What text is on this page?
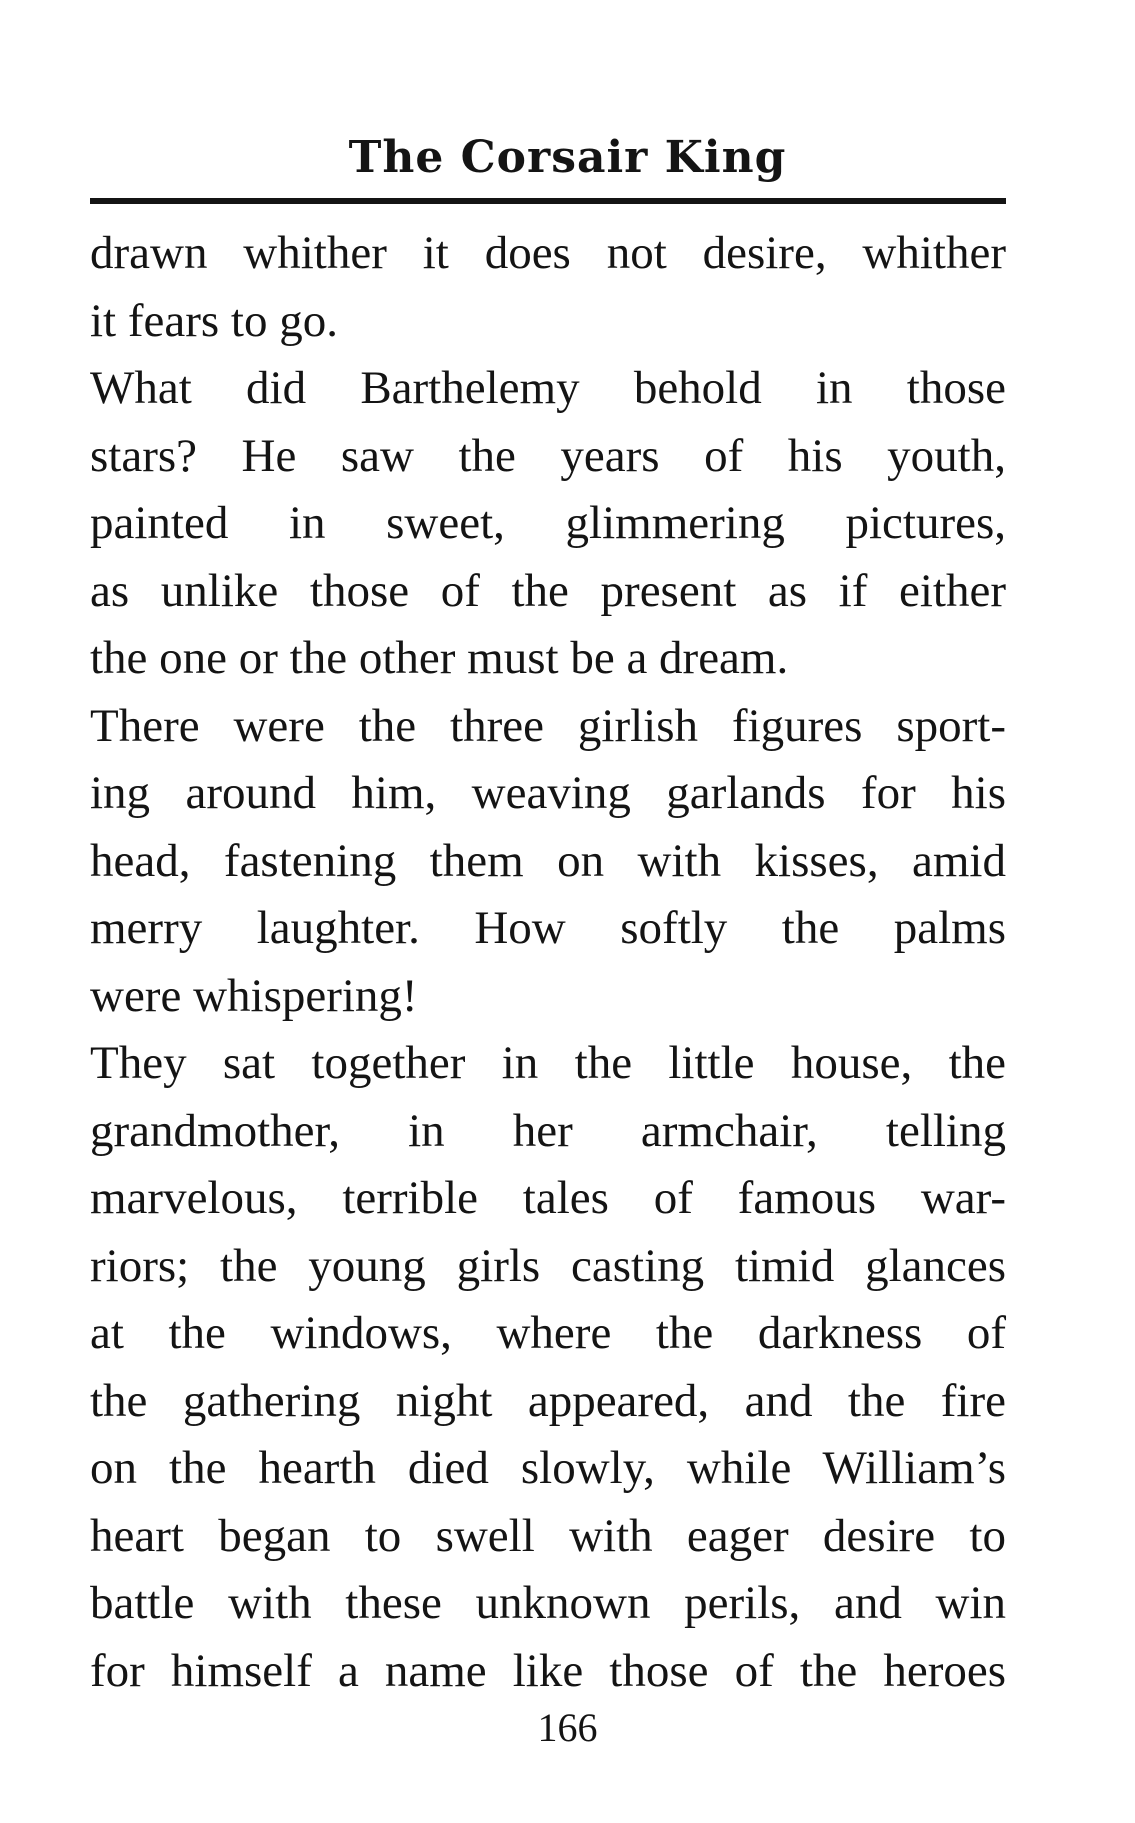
The Corsair King
drawn whither it does not desire, whither
it fears to go.
What did Barthelemy behold in those
stars? He saw the years of his youth,
painted in sweet, glimmering pictures,
as unlike those of the present as if either
the one or the other must be a dream.
There were the three girlish figures sport-
ing around him, weaving garlands for his
head, fastening them on with kisses, amid
merry laughter. How softly the palms
were whispering!
They sat together in the little house, the
grandmother, in her armchair, telling
marvelous, terrible tales of famous war-
riors; the young girls casting timid glances
at the windows, where the darkness of
the gathering night appeared, and the fire
on the hearth died slowly, while William’s
heart began to swell with eager desire to
battle with these unknown perils, and win
for himself a name like those of the heroes
166
